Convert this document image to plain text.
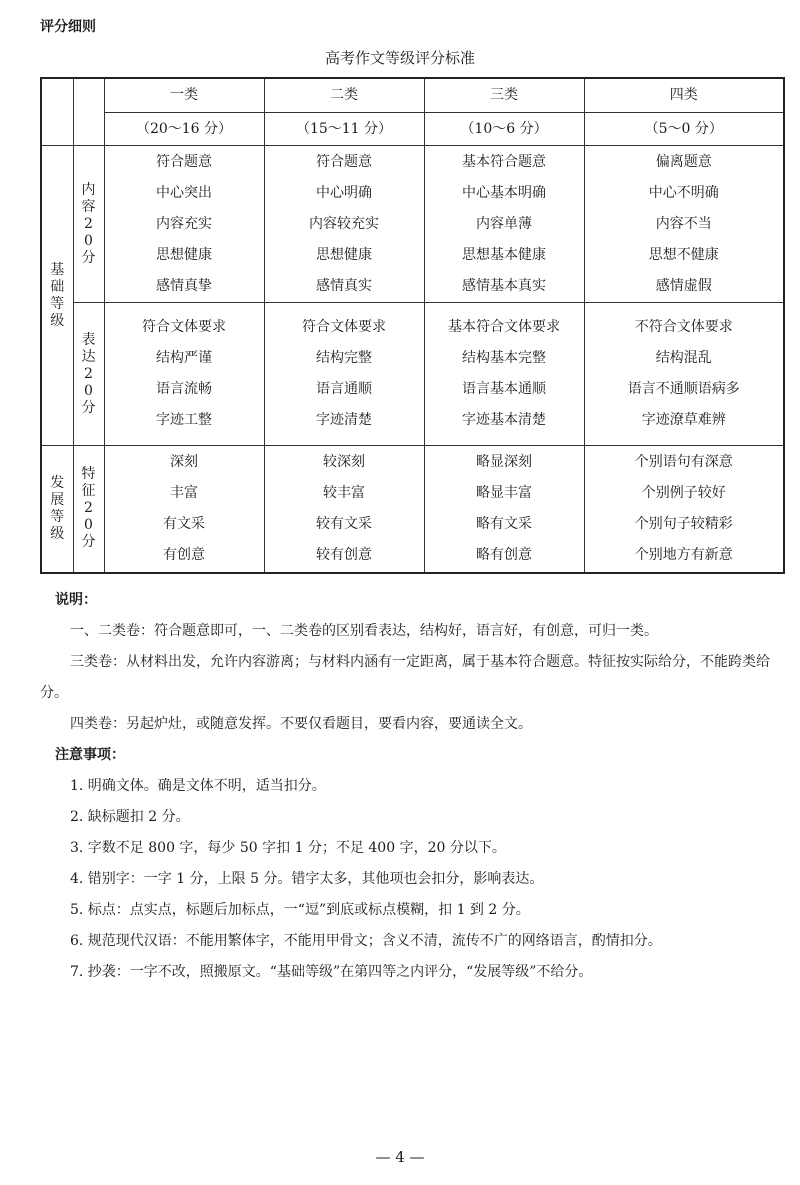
评分细则
高考作文等级评分标准
		一类	二类	三类	四类
		（20～16 分）	（15～11 分）	（10～6 分）	（5～0 分）
基础等级	内容20分	符合题意
中心突出
内容充实
思想健康
感情真挚	符合题意
中心明确
内容较充实
思想健康
感情真实	基本符合题意
中心基本明确
内容单薄
思想基本健康
感情基本真实	偏离题意
中心不明确
内容不当
思想不健康
感情虚假

	表达20分	符合文体要求
结构严谨
语言流畅
字迹工整	符合文体要求
结构完整
语言通顺
字迹清楚	基本符合文体要求
结构基本完整
语言基本通顺
字迹基本清楚	不符合文体要求
结构混乱
语言不通顺语病多
字迹潦草难辨

发展等级	特征20分	深刻
丰富
有文采
有创意	较深刻
较丰富
较有文采
较有创意	略显深刻
略显丰富
略有文采
略有创意	个别语句有深意
个别例子较好
个别句子较精彩
个别地方有新意
说明：
一、二类卷：符合题意即可，一、二类卷的区别看表达，结构好，语言好，有创意，可归一类。
三类卷：从材料出发，允许内容游离；与材料内涵有一定距离，属于基本符合题意。特征按实际给分，不能跨类给分。
四类卷：另起炉灶，或随意发挥。不要仅看题目，要看内容，要通读全文。
注意事项：
1. 明确文体。确是文体不明，适当扣分。
2. 缺标题扣 2 分。
3. 字数不足 800 字，每少 50 字扣 1 分；不足 400 字，20 分以下。
4. 错别字：一字 1 分，上限 5 分。错字太多，其他项也会扣分，影响表达。
5. 标点：点实点，标题后加标点，一“逗”到底或标点模糊，扣 1 到 2 分。
6. 规范现代汉语：不能用繁体字，不能用甲骨文；含义不清，流传不广的网络语言，酌情扣分。
7. 抄袭：一字不改，照搬原文。“基础等级”在第四等之内评分，“发展等级”不给分。
— 4 —
